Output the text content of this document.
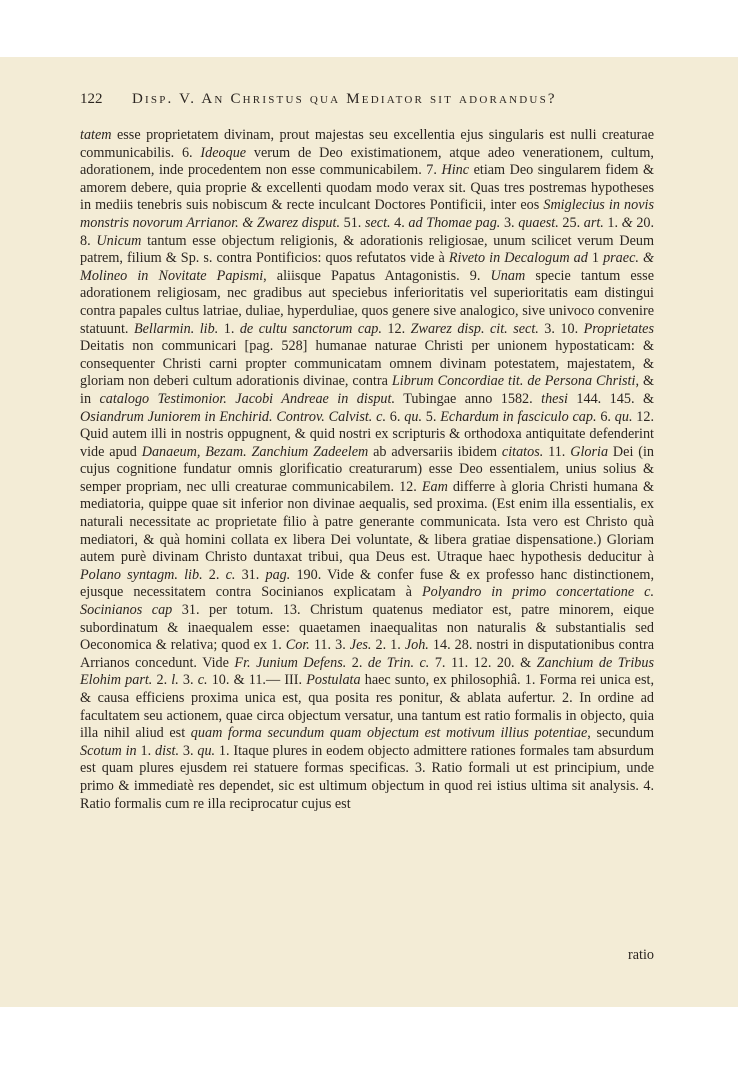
122 Disp. V. An Christus qua Mediator sit adorandus?

tatem esse proprietatem divinam, prout majestas seu excellentia ejus singularis est nulli creaturae communicabilis. 6. Ideoque verum de Deo existimationem, atque adeo venerationem, cultum, adorationem, inde procedentem non esse communicabilem. 7. Hinc etiam Deo singularem fidem & amorem debere, quia proprie & excellenti quodam modo verax sit. Quas tres postremas hypotheses in mediis tenebris suis nobiscum & recte inculcant Doctores Pontificii, inter eos Smiglecius in novis monstris novorum Arrianor. & Zwarez disput. 51. sect. 4. ad Thomae pag. 3. quaest. 25. art. 1. & 20. 8. Unicum tantum esse objectum religionis, & adorationis religiosae, unum scilicet verum Deum patrem, filium & Sp. s. contra Pontificios: quos refutatos vide à Riveto in Decalogum ad 1 praec. & Molineo in Novitate Papismi, aliisque Papatus Antagonistis. 9. Unam specie tantum esse adorationem religiosam, nec gradibus aut speciebus inferioritatis vel superioritatis eam distingui contra papales cultus latriae, duliae, hyperduliae, quos genere sive analogico, sive univoco convenire statuunt. Bellarmin. lib. 1. de cultu sanctorum cap. 12. Zwarez disp. cit. sect. 3. 10. Proprietates Deitatis non communicari [pag. 528] humanae naturae Christi per unionem hypostaticam: & consequenter Christi carni propter communicatam omnem divinam potestatem, majestatem, & gloriam non deberi cultum adorationis divinae, contra Librum Concordiae tit. de Persona Christi, & in catalogo Testimonior. Jacobi Andreae in disput. Tubingae anno 1582. thesi 144. 145. & Osiandrum Juniorem in Enchirid. Controv. Calvist. c. 6. qu. 5. Echardum in fasciculo cap. 6. qu. 12. Quid autem illi in nostris oppugnent, & quid nostri ex scripturis & orthodoxa antiquitate defenderint vide apud Danaeum, Bezam. Zanchium Zadeelem ab adversariis ibidem citatos. 11. Gloria Dei (in cujus cognitione fundatur omnis glorificatio creaturarum) esse Deo essentialem, unius solius & semper propriam, nec ulli creaturae communicabilem. 12. Eam differre à gloria Christi humana & mediatoria, quippe quae sit inferior non divinae aequalis, sed proxima. (Est enim illa essentialis, ex naturali necessitate ac proprietate filio à patre generante communicata. Ista vero est Christo quà mediatori, & quà homini collata ex libera Dei voluntate, & libera gratiae dispensatione.) Gloriam autem purè divinam Christo duntaxat tribui, qua Deus est. Utraque haec hypothesis deducitur à Polano syntagm. lib. 2. c. 31. pag. 190. Vide & confer fuse & ex professo hanc distinctionem, ejusque necessitatem contra Socinianos explicatam à Polyandro in primo concertatione c. Socinianos cap 31. per totum. 13. Christum quatenus mediator est, patre minorem, eique subordinatum & inaequalem esse: quaetamen inaequalitas non naturalis & substantialis sed Oeconomica & relativa; quod ex 1. Cor. 11. 3. Jes. 2. 1. Joh. 14. 28. nostri in disputationibus contra Arrianos concedunt. Vide Fr. Junium Defens. 2. de Trin. c. 7. 11. 12. 20. & Zanchium de Tribus Elohim part. 2. l. 3. c. 10. & 11.— III. Postulata haec sunto, ex philosophiâ. 1. Forma rei unica est, & causa efficiens proxima unica est, qua posita res ponitur, & ablata aufertur. 2. In ordine ad facultatem seu actionem, quae circa objectum versatur, una tantum est ratio formalis in objecto, quia illa nihil aliud est quam forma secundum quam objectum est motivum illius potentiae, secundum Scotum in 1. dist. 3. qu. 1. Itaque plures in eodem objecto admittere rationes formales tam absurdum est quam plures ejusdem rei statuere formas specificas. 3. Ratio formali ut est principium, unde primo & immediatè res dependet, sic est ultimum objectum in quod rei istius ultima sit analysis. 4. Ratio formalis cum re illa reciprocatur cujus est

ratio
